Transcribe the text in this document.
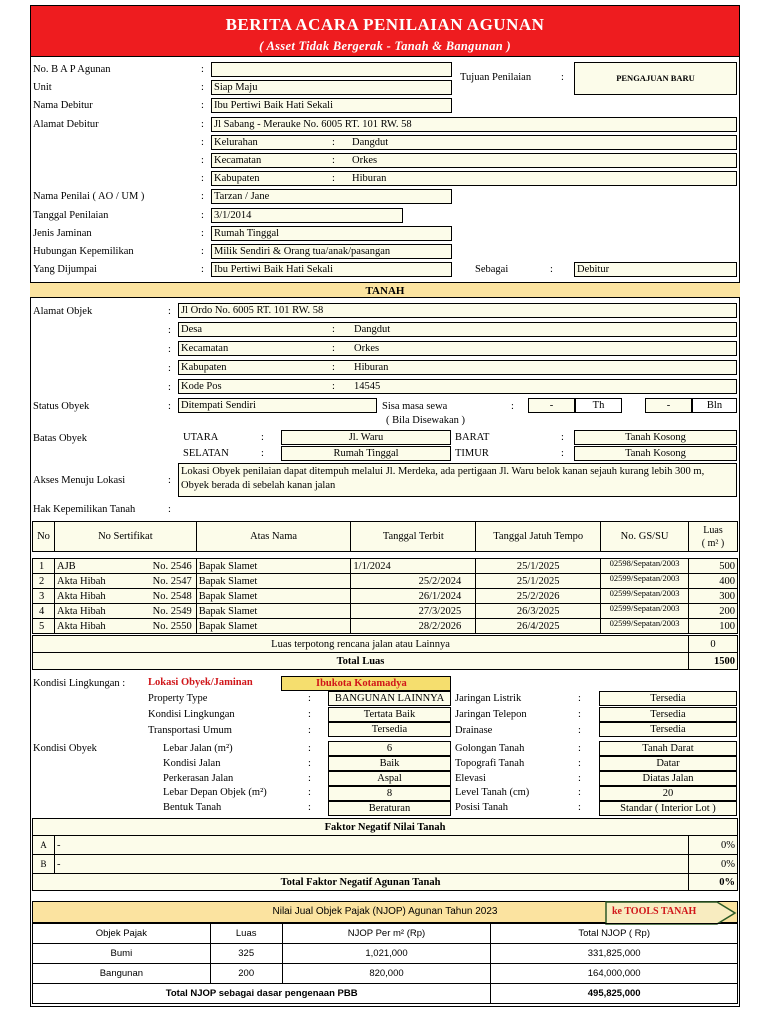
BERITA ACARA PENILAIAN AGUNAN
( Asset Tidak Bergerak - Tanah & Bangunan )
No. B A P Agunan	:
Unit	: Siap Maju
Nama Debitur	: Ibu Pertiwi Baik Hati Sekali
Tujuan Penilaian	:	PENGAJUAN BARU
Alamat Debitur	: Jl Sabang - Merauke No. 6005 RT. 101 RW. 58
: Kelurahan	: Dangdut
: Kecamatan	: Orkes
: Kabupaten	: Hiburan
Nama Penilai ( AO / UM )	: Tarzan / Jane
Tanggal Penilaian	: 3/1/2014
Jenis Jaminan	: Rumah Tinggal
Hubungan Kepemilikan	: Milik Sendiri & Orang tua/anak/pasangan
Yang Dijumpai	: Ibu Pertiwi Baik Hati Sekali	Sebagai	: Debitur
TANAH
Alamat Objek	: Jl Ordo No. 6005 RT. 101 RW. 58
: Desa	: Dangdut
: Kecamatan	: Orkes
: Kabupaten	: Hiburan
: Kode Pos	: 14545
Status Obyek	: Ditempati Sendiri	Sisa masa sewa
( Bila Disewakan )
:	-	Th	-	Bln
Batas Obyek	UTARA	:	Jl. Waru
SELATAN	:	Rumah Tinggal
BARAT	:	Tanah Kosong
TIMUR	:	Tanah Kosong
Akses Menuju Lokasi	:
Lokasi Obyek penilaian dapat ditempuh melalui Jl. Merdeka, ada pertigaan Jl. Waru belok kanan sejauh kurang lebih 300 m, Obyek berada di sebelah kanan jalan
Hak Kepemilikan Tanah	:
No	No Sertifikat	Atas Nama	Tanggal Terbit	Tanggal Jatuh Tempo	No. GS/SU	Luas
( m² )

1	AJB No. 2546	Bapak Slamet	1/1/2024	25/1/2025	02598/Sepatan/2003	500
2	Akta Hibah No. 2547	Bapak Slamet	25/2/2024	25/1/2025	02599/Sepatan/2003	400
3	Akta Hibah No. 2548	Bapak Slamet	26/1/2024	25/2/2026	02599/Sepatan/2003	300
4	Akta Hibah No. 2549	Bapak Slamet	27/3/2025	26/3/2025	02599/Sepatan/2003	200
5	Akta Hibah No. 2550	Bapak Slamet	28/2/2026	26/4/2025	02599/Sepatan/2003	100
Luas terpotong rencana jalan atau Lainnya	0
Total Luas	1500
Kondisi Lingkungan : Lokasi Obyek/Jaminan	Ibukota Kotamadya
Property Type	:	BANGUNAN LAINNYA
Kondisi Lingkungan	:	Tertata Baik
Transportasi Umum	:	Tersedia
Jaringan Listrik	:	Tersedia
Jaringan Telepon	:	Tersedia
Drainase	:	Tersedia
Kondisi Obyek	Lebar Jalan (m²)	:	6
Kondisi Jalan	:	Baik
Perkerasan Jalan	:	Aspal
Lebar Depan Objek (m²)	:	8
Bentuk Tanah	:	Beraturan
Golongan Tanah	:	Tanah Darat
Topografi Tanah	:	Datar
Elevasi	:	Diatas Jalan
Level Tanah (cm)	:	20
Posisi Tanah	:	Standar ( Interior Lot )
Faktor Negatif Nilai Tanah		
A	-	0%
B	-	0%
Total Faktor Negatif Agunan Tanah		0%
Nilai Jual Objek Pajak (NJOP) Agunan Tahun 2023	ke TOOLS TANAH
Objek Pajak	Luas	NJOP Per m² (Rp)	Total NJOP ( Rp)
Bumi	325	1,021,000	331,825,000
Bangunan	200	820,000	164,000,000
Total NJOP sebagai dasar pengenaan PBB			495,825,000
